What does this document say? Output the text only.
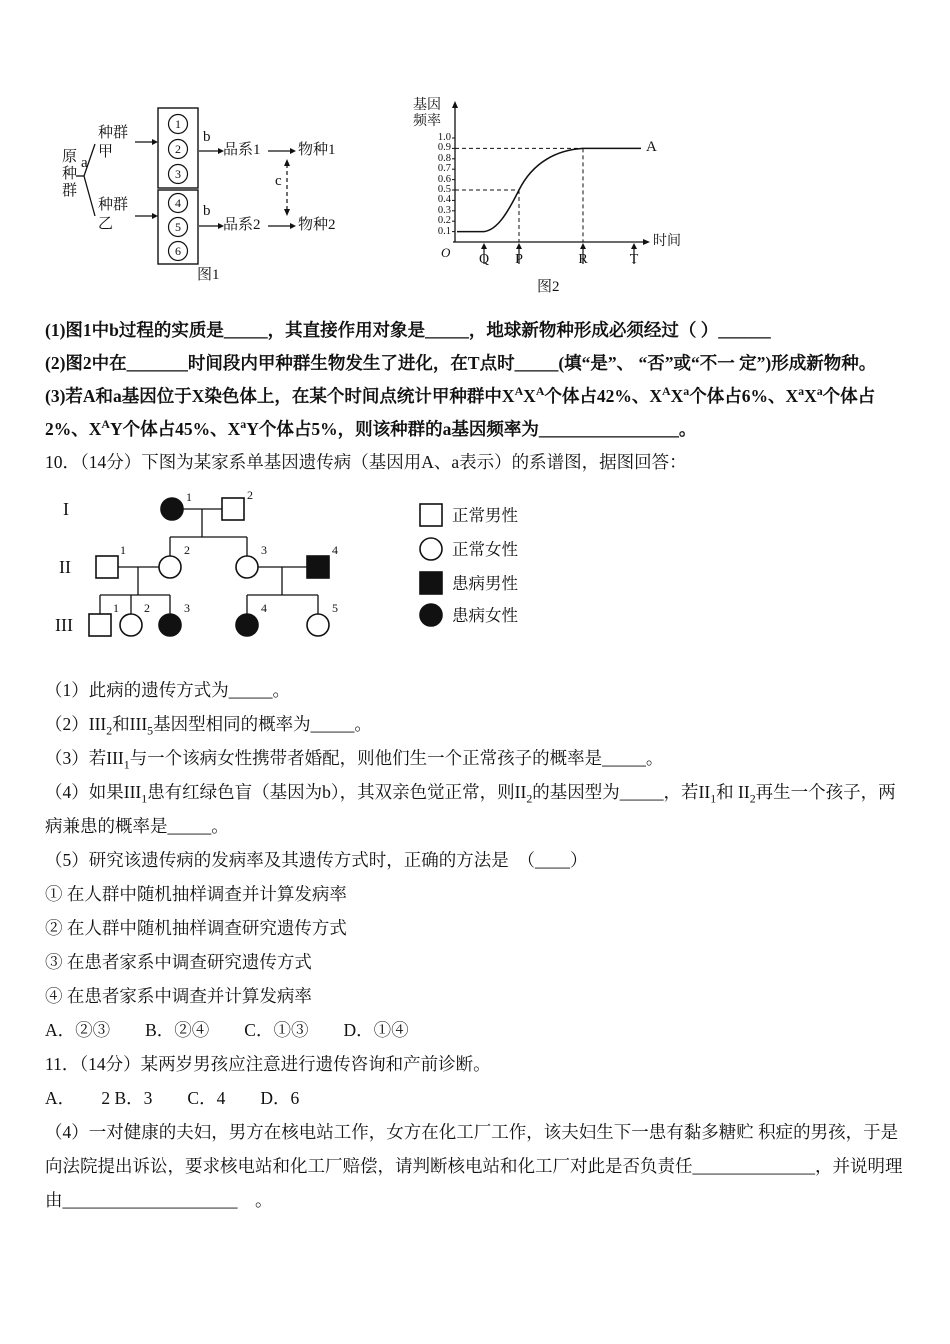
1
2
3
4
5
6
原种群 a
种群甲
种群乙
b
b
品系1
品系2
物种1
物种2
c
图1
基因
频率
1.0
0.9
0.8
0.7
0.6
0.5
0.4
0.3
0.2
0.1
O	Q	P	R	T
时间
A
图2

(1)图1中b过程的实质是_____，其直接作用对象是_____，地球新物种形成必须经过（ ）______

(2)图2中在_______时间段内甲种群生物发生了进化，在T点时_____(填“是”、 “否”或“不一 定”)形成新物种。

(3)若A和a基因位于X染色体上，在某个时间点统计甲种群中$X^AX^A$个体占42%、$X^AX^a$个体占6%、$X^aX^a$个体占 2%、$X^AY$个体占45%、$X^aY$个体占5%，则该种群的a基因频率为________________。

10．（14分）下图为某家系单基因遗传病（基因用A、a表示）的系谱图，据图回答：

I
II
III
1	2
1	2	3	4
1 2	3	4	5
正常男性
正常女性
患病男性
患病女性

（1）此病的遗传方式为_____。

$(2)III_2$和$III_5$基因型相同的概率为_____。

（3）若$III_1$与一个该病女性携带者婚配，则他们生一个正常孩子的概率是_____。

（4）如果$III_1$患有红绿色盲（基因为b），其双亲色觉正常，则$II_2$的基因型为_____，若$II_1$和 $II_2$再生一个孩子，两病兼患的概率是_____。

（5）研究该遗传病的发病率及其遗传方式时，正确的方法是　（____）

① 在人群中随机抽样调查并计算发病率

② 在人群中随机抽样调查研究遗传方式

③ 在患者家系中调查研究遗传方式

④ 在患者家系中调查并计算发病率

A．②③　　B．②④　　C．①③　　D．①④

11．（14分）某两岁男孩应注意进行遗传咨询和产前诊断。

A．　　2 B．3　　C．4　　D．6

（4）一对健康的夫妇，男方在核电站工作，女方在化工厂工作，该夫妇生下一患有黏多糖贮 积症的男孩，于是向法院提出诉讼，要求核电站和化工厂赔偿，请判断核电站和化工厂对此是否负责任______________，并说明理由____________________　。
